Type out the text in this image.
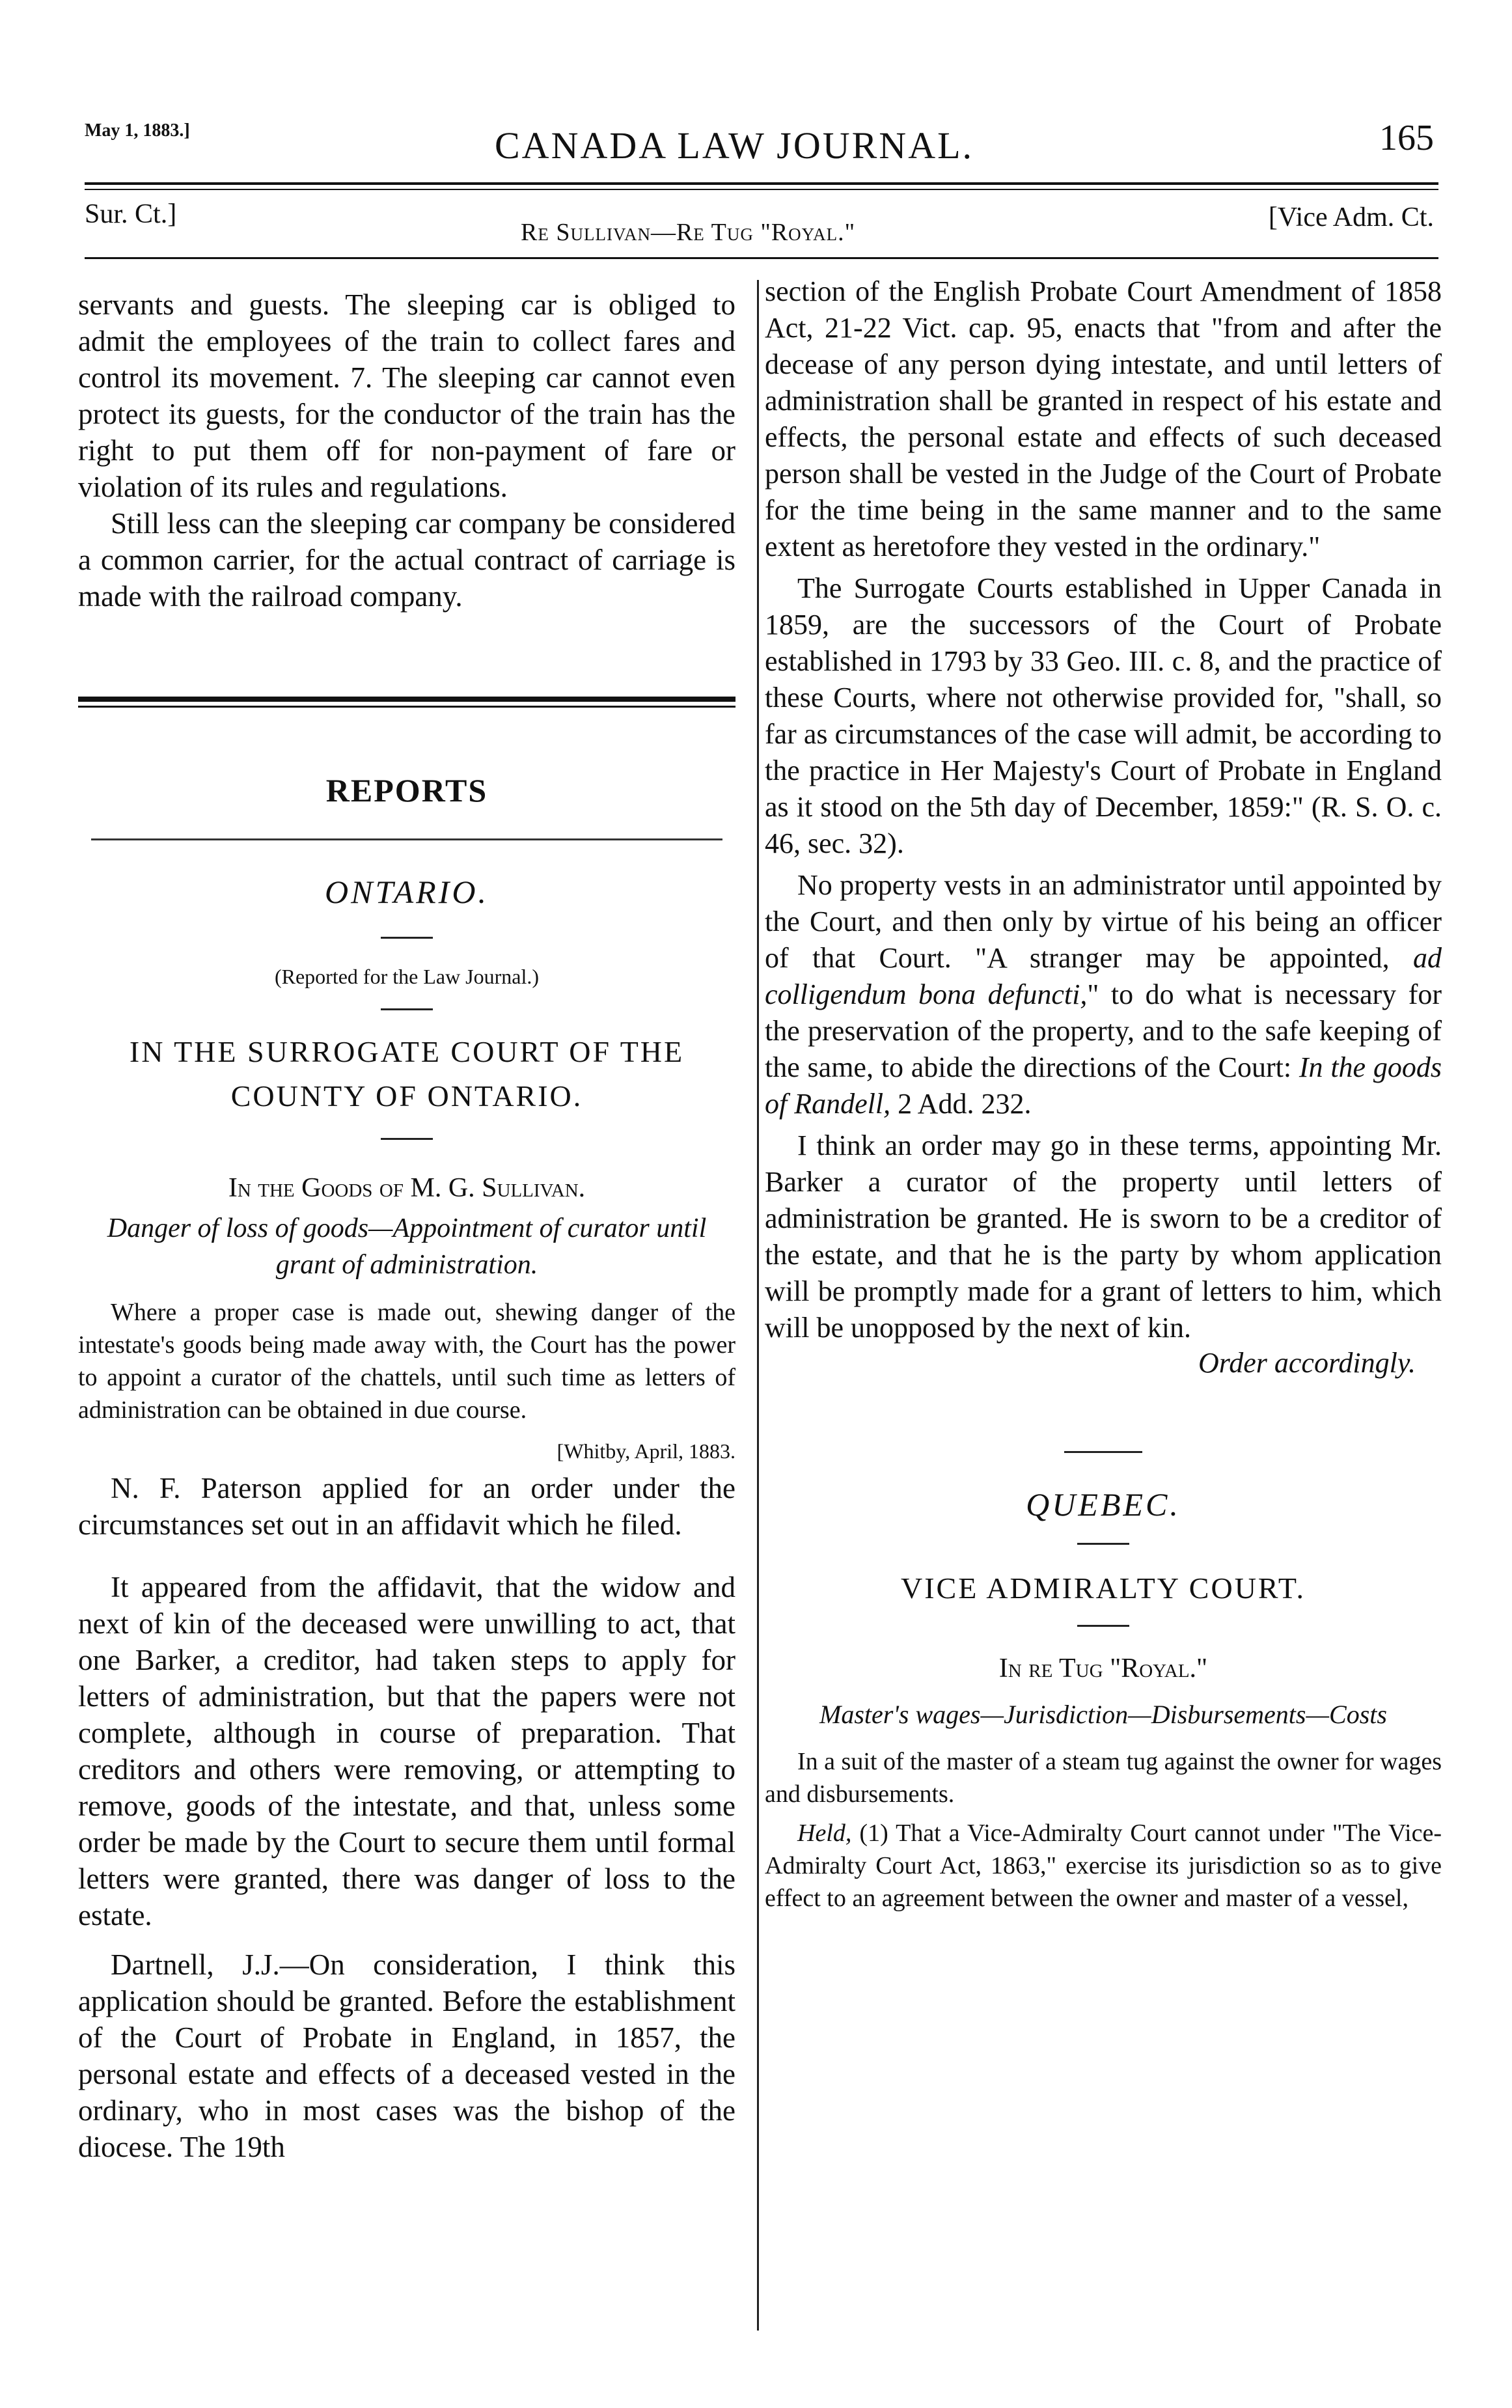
May 1, 1883.]	CANADA LAW JOURNAL.	165
Sur. Ct.]
Re Sullivan—Re Tug "Royal."	[Vice Adm. Ct.

servants and guests. The sleeping car is obliged to admit the employees of the train to collect fares and control its movement. 7. The sleeping car cannot even protect its guests, for the conductor of the train has the right to put them off for non-payment of fare or violation of its rules and regulations.

Still less can the sleeping car company be considered a common carrier, for the actual contract of carriage is made with the railroad company.

REPORTS
ONTARIO.
(Reported for the Law Journal.)
IN THE SURROGATE COURT OF THE COUNTY OF ONTARIO.
In the Goods of M. G. Sullivan.
Danger of loss of goods—Appointment of curator until grant of administration.

Where a proper case is made out, shewing danger of the intestate's goods being made away with, the Court has the power to appoint a curator of the chattels, until such time as letters of administration can be obtained in due course.

[Whitby, April, 1883.

N. F. Paterson applied for an order under the circumstances set out in an affidavit which he filed.

It appeared from the affidavit, that the widow and next of kin of the deceased were unwilling to act, that one Barker, a creditor, had taken steps to apply for letters of administration, but that the papers were not complete, although in course of preparation. That creditors and others were removing, or attempting to remove, goods of the intestate, and that, unless some order be made by the Court to secure them until formal letters were granted, there was danger of loss to the estate.

Dartnell, J.J.—On consideration, I think this application should be granted. Before the establishment of the Court of Probate in England, in 1857, the personal estate and effects of a deceased vested in the ordinary, who in most cases was the bishop of the diocese. The 19th

section of the English Probate Court Amendment of 1858 Act, 21-22 Vict. cap. 95, enacts that "from and after the decease of any person dying intestate, and until letters of administration shall be granted in respect of his estate and effects, the personal estate and effects of such deceased person shall be vested in the Judge of the Court of Probate for the time being in the same manner and to the same extent as heretofore they vested in the ordinary."

The Surrogate Courts established in Upper Canada in 1859, are the successors of the Court of Probate established in 1793 by 33 Geo. III. c. 8, and the practice of these Courts, where not otherwise provided for, "shall, so far as circumstances of the case will admit, be according to the practice in Her Majesty's Court of Probate in England as it stood on the 5th day of December, 1859:" (R. S. O. c. 46, sec. 32).

No property vests in an administrator until appointed by the Court, and then only by virtue of his being an officer of that Court. "A stranger may be appointed, ad colligendum bona defuncti," to do what is necessary for the preservation of the property, and to the safe keeping of the same, to abide the directions of the Court: In the goods of Randell, 2 Add. 232.

I think an order may go in these terms, appointing Mr. Barker a curator of the property until letters of administration be granted. He is sworn to be a creditor of the estate, and that he is the party by whom application will be promptly made for a grant of letters to him, which will be unopposed by the next of kin.

Order accordingly.
QUEBEC.
VICE ADMIRALTY COURT.
In re Tug "Royal."
Master's wages—Jurisdiction—Disbursements—Costs

In a suit of the master of a steam tug against the owner for wages and disbursements.

Held, (1) That a Vice-Admiralty Court cannot under "The Vice-Admiralty Court Act, 1863," exercise its jurisdiction so as to give effect to an agreement between the owner and master of a vessel,
